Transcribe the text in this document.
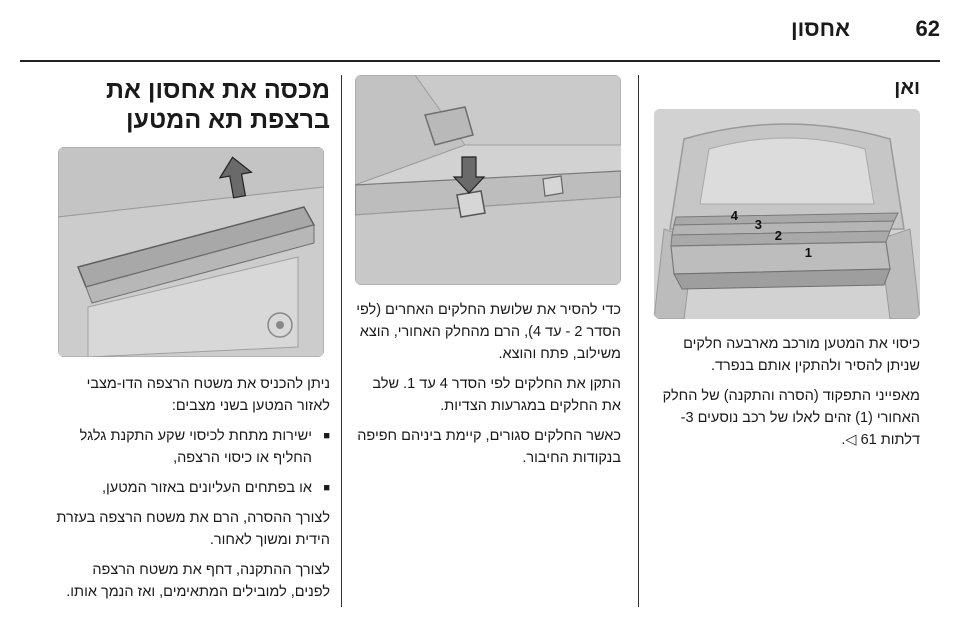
62
אחסון
ואן
4
3
2
1
כיסוי את המטען מורכב מארבעה חלקים שניתן להסיר ולהתקין אותם בנפרד.
מאפייני התפקוד (הסרה והתקנה) של החלק האחורי (1) זהים לאלו של רכב נוסעים 3-דלתות ‎◁ 61.
כדי להסיר את שלושת החלקים האחרים (לפי הסדר 2 - עד 4), הרם מהחלק האחורי, הוצא משילוב, פתח והוצא.
התקן את החלקים לפי הסדר 4 עד 1. שלב את החלקים במגרעות הצדיות.
כאשר החלקים סגורים, קיימת ביניהם חפיפה בנקודות החיבור.
מכסה את אחסון את ברצפת תא המטען
ניתן להכניס את משטח הרצפה הדו-מצבי לאזור המטען בשני מצבים:
■ ישירות מתחת לכיסוי שקע התקנת גלגל החליף או כיסוי הרצפה,
■ או בפתחים העליונים באזור המטען,
לצורך ההסרה, הרם את משטח הרצפה בעזרת הידית ומשוך לאחור.
לצורך ההתקנה, דחף את משטח הרצפה לפנים, למובילים המתאימים, ואז הנמך אותו.
